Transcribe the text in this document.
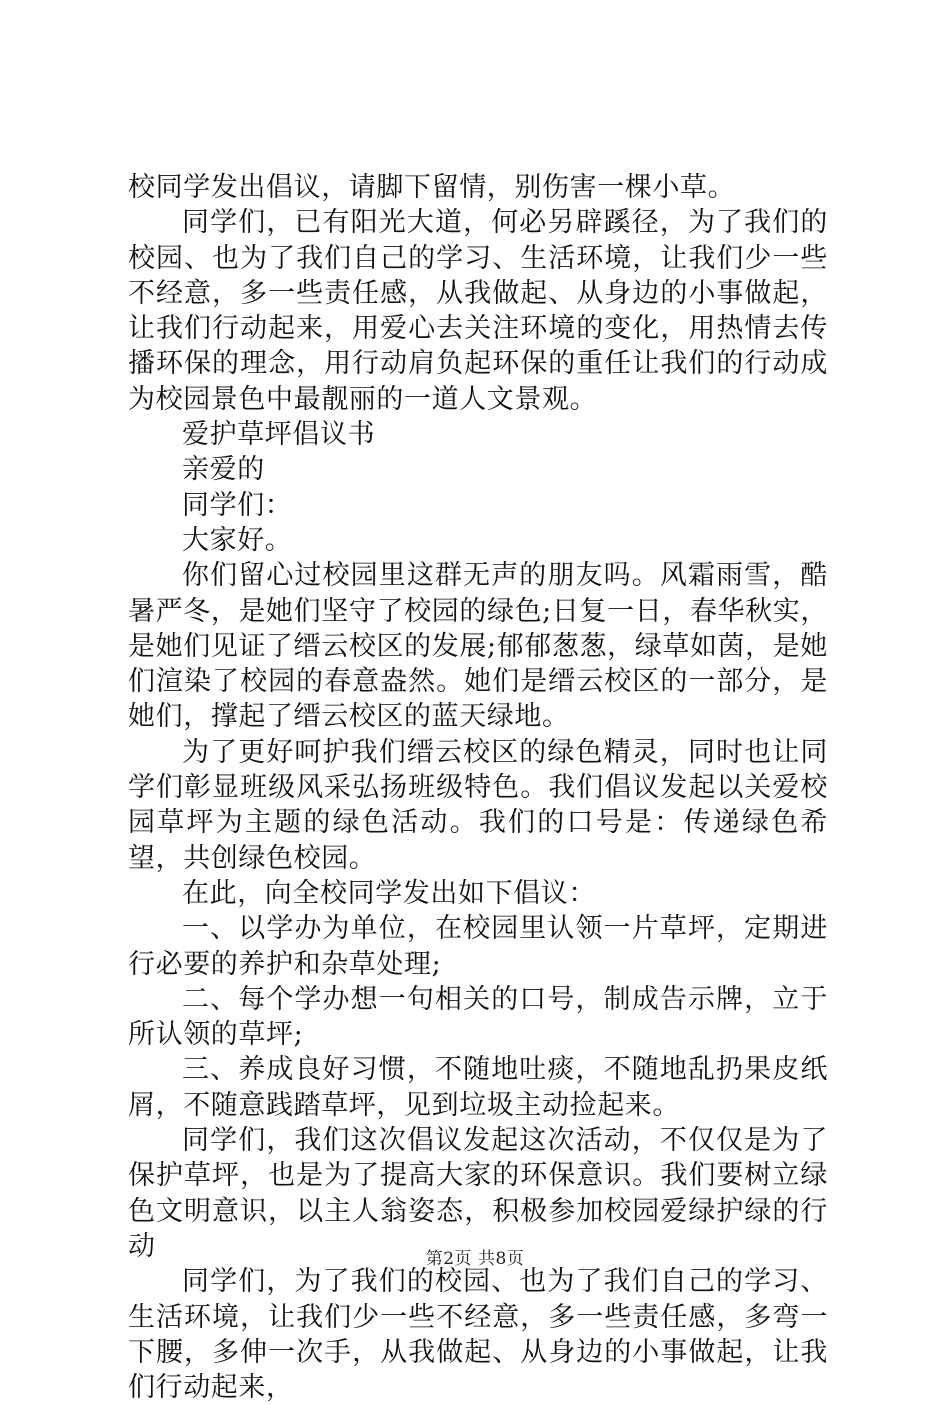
校同学发出倡议，请脚下留情，别伤害一棵小草。

同学们，已有阳光大道，何必另辟蹊径，为了我们的校园、也为了我们自己的学习、生活环境，让我们少一些不经意，多一些责任感，从我做起、从身边的小事做起，让我们行动起来，用爱心去关注环境的变化，用热情去传播环保的理念，用行动肩负起环保的重任让我们的行动成为校园景色中最靓丽的一道人文景观。

爱护草坪倡议书

亲爱的

同学们：

大家好。

你们留心过校园里这群无声的朋友吗。风霜雨雪，酷暑严冬，是她们坚守了校园的绿色;日复一日，春华秋实，是她们见证了缙云校区的发展;郁郁葱葱，绿草如茵，是她们渲染了校园的春意盎然。她们是缙云校区的一部分，是她们，撑起了缙云校区的蓝天绿地。

为了更好呵护我们缙云校区的绿色精灵，同时也让同学们彰显班级风采弘扬班级特色。我们倡议发起以关爱校园草坪为主题的绿色活动。我们的口号是：传递绿色希望，共创绿色校园。

在此，向全校同学发出如下倡议：

一、以学办为单位，在校园里认领一片草坪，定期进行必要的养护和杂草处理;

二、每个学办想一句相关的口号，制成告示牌，立于所认领的草坪;

三、养成良好习惯，不随地吐痰，不随地乱扔果皮纸屑，不随意践踏草坪，见到垃圾主动捡起来。

同学们，我们这次倡议发起这次活动，不仅仅是为了保护草坪，也是为了提高大家的环保意识。我们要树立绿色文明意识，以主人翁姿态，积极参加校园爱绿护绿的行动

同学们，为了我们的校园、也为了我们自己的学习、生活环境，让我们少一些不经意，多一些责任感，多弯一下腰，多伸一次手，从我做起、从身边的小事做起，让我们行动起来，

第2页 共8页
